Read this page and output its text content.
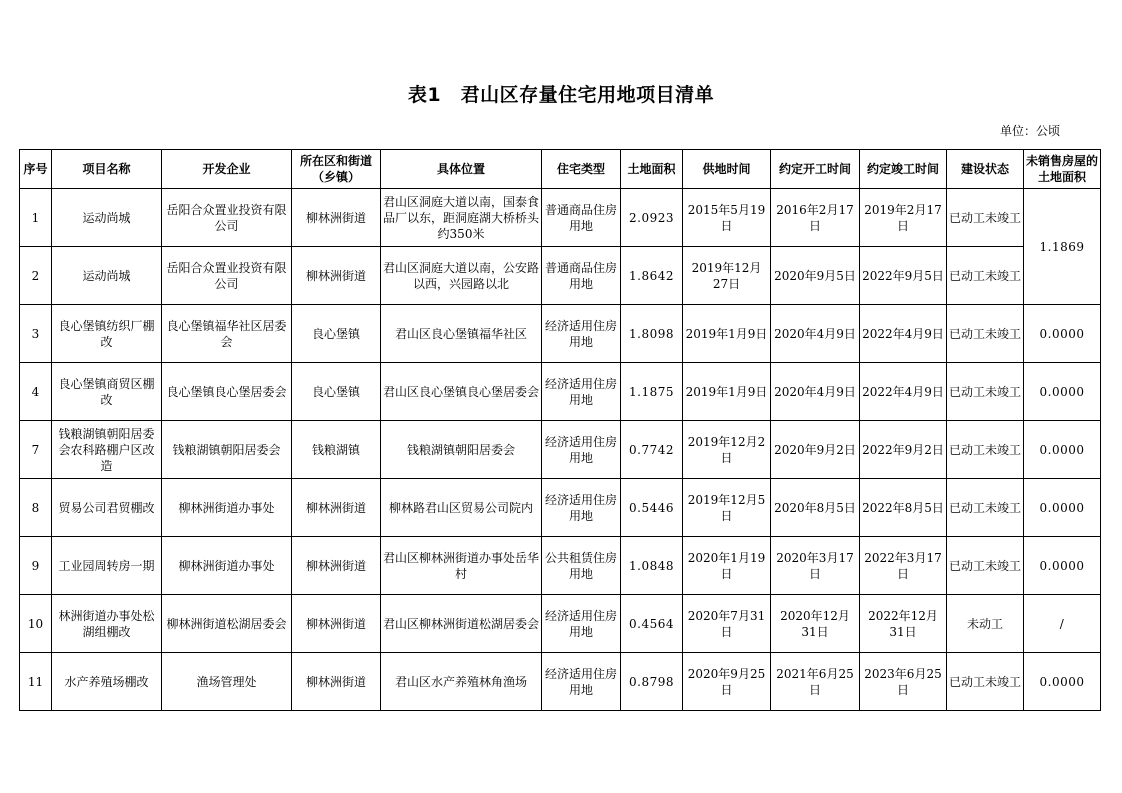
表1　君山区存量住宅用地项目清单
单位：公顷
序号	项目名称	开发企业	所在区和街道（乡镇）	具体位置	住宅类型	土地面积	供地时间	约定开工时间	约定竣工时间	建设状态	未销售房屋的土地面积
1	运动尚城	岳阳合众置业投资有限公司	柳林洲街道	君山区洞庭大道以南，国泰食品厂以东，距洞庭湖大桥桥头约350米	普通商品住房用地	2.0923	2015年5月19日	2016年2月17日	2019年2月17日	已动工未竣工	1.1869
2	运动尚城	岳阳合众置业投资有限公司	柳林洲街道	君山区洞庭大道以南，公安路以西，兴园路以北	普通商品住房用地	1.8642	2019年12月27日	2020年9月5日	2022年9月5日	已动工未竣工	
3	良心堡镇纺织厂棚改	良心堡镇福华社区居委会	良心堡镇	君山区良心堡镇福华社区	经济适用住房用地	1.8098	2019年1月9日	2020年4月9日	2022年4月9日	已动工未竣工	0.0000
4	良心堡镇商贸区棚改	良心堡镇良心堡居委会	良心堡镇	君山区良心堡镇良心堡居委会	经济适用住房用地	1.1875	2019年1月9日	2020年4月9日	2022年4月9日	已动工未竣工	0.0000
7	钱粮湖镇朝阳居委会农科路棚户区改造	钱粮湖镇朝阳居委会	钱粮湖镇	钱粮湖镇朝阳居委会	经济适用住房用地	0.7742	2019年12月2日	2020年9月2日	2022年9月2日	已动工未竣工	0.0000
8	贸易公司君贸棚改	柳林洲街道办事处	柳林洲街道	柳林路君山区贸易公司院内	经济适用住房用地	0.5446	2019年12月5日	2020年8月5日	2022年8月5日	已动工未竣工	0.0000
9	工业园周转房一期	柳林洲街道办事处	柳林洲街道	君山区柳林洲街道办事处岳华村	公共租赁住房用地	1.0848	2020年1月19日	2020年3月17日	2022年3月17日	已动工未竣工	0.0000
10	林洲街道办事处松湖组棚改	柳林洲街道松湖居委会	柳林洲街道	君山区柳林洲街道松湖居委会	经济适用住房用地	0.4564	2020年7月31日	2020年12月31日	2022年12月31日	未动工	/
11	水产养殖场棚改	渔场管理处	柳林洲街道	君山区水产养殖林角渔场	经济适用住房用地	0.8798	2020年9月25日	2021年6月25日	2023年6月25日	已动工未竣工	0.0000
